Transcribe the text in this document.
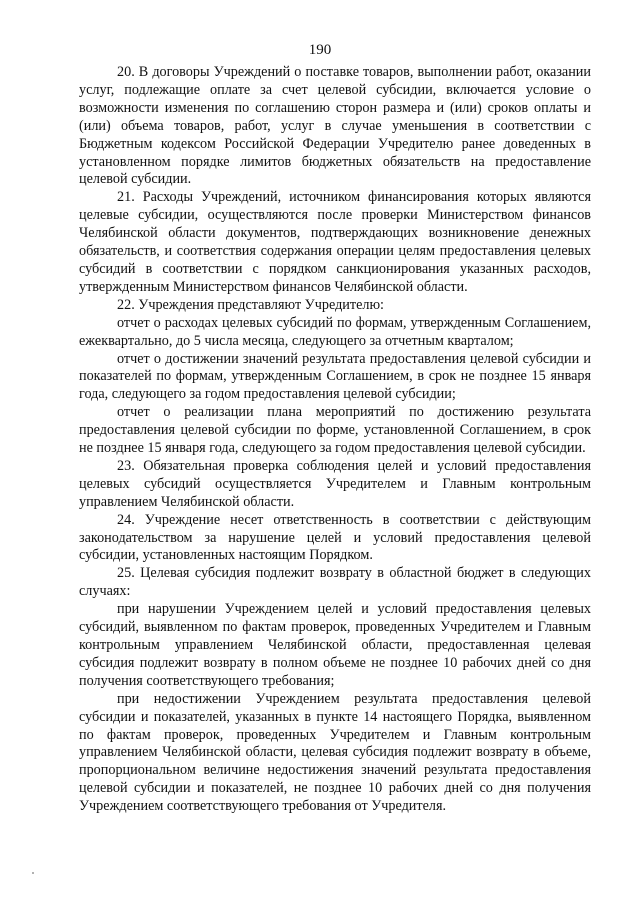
190

20. В договоры Учреждений о поставке товаров, выполнении работ, оказании услуг, подлежащие оплате за счет целевой субсидии, включается условие о возможности изменения по соглашению сторон размера и (или) сроков оплаты и (или) объема товаров, работ, услуг в случае уменьшения в соответствии с Бюджетным кодексом Российской Федерации Учредителю ранее доведенных в установленном порядке лимитов бюджетных обязательств на предоставление целевой субсидии.

21. Расходы Учреждений, источником финансирования которых являются целевые субсидии, осуществляются после проверки Министерством финансов Челябинской области документов, подтверждающих возникновение денежных обязательств, и соответствия содержания операции целям предоставления целевых субсидий в соответствии с порядком санкционирования указанных расходов, утвержденным Министерством финансов Челябинской области.

22. Учреждения представляют Учредителю:

отчет о расходах целевых субсидий по формам, утвержденным Соглашением, ежеквартально, до 5 числа месяца, следующего за отчетным кварталом;

отчет о достижении значений результата предоставления целевой субсидии и показателей по формам, утвержденным Соглашением, в срок не позднее 15 января года, следующего за годом предоставления целевой субсидии;

отчет о реализации плана мероприятий по достижению результата предоставления целевой субсидии по форме, установленной Соглашением, в срок не позднее 15 января года, следующего за годом предоставления целевой субсидии.

23. Обязательная проверка соблюдения целей и условий предоставления целевых субсидий осуществляется Учредителем и Главным контрольным управлением Челябинской области.

24. Учреждение несет ответственность в соответствии с действующим законодательством за нарушение целей и условий предоставления целевой субсидии, установленных настоящим Порядком.

25. Целевая субсидия подлежит возврату в областной бюджет в следующих случаях:

при нарушении Учреждением целей и условий предоставления целевых субсидий, выявленном по фактам проверок, проведенных Учредителем и Главным контрольным управлением Челябинской области, предоставленная целевая субсидия подлежит возврату в полном объеме не позднее 10 рабочих дней со дня получения соответствующего требования;

при недостижении Учреждением результата предоставления целевой субсидии и показателей, указанных в пункте 14 настоящего Порядка, выявленном по фактам проверок, проведенных Учредителем и Главным контрольным управлением Челябинской области, целевая субсидия подлежит возврату в объеме, пропорциональном величине недостижения значений результата предоставления целевой субсидии и показателей, не позднее 10 рабочих дней со дня получения Учреждением соответствующего требования от Учредителя.
